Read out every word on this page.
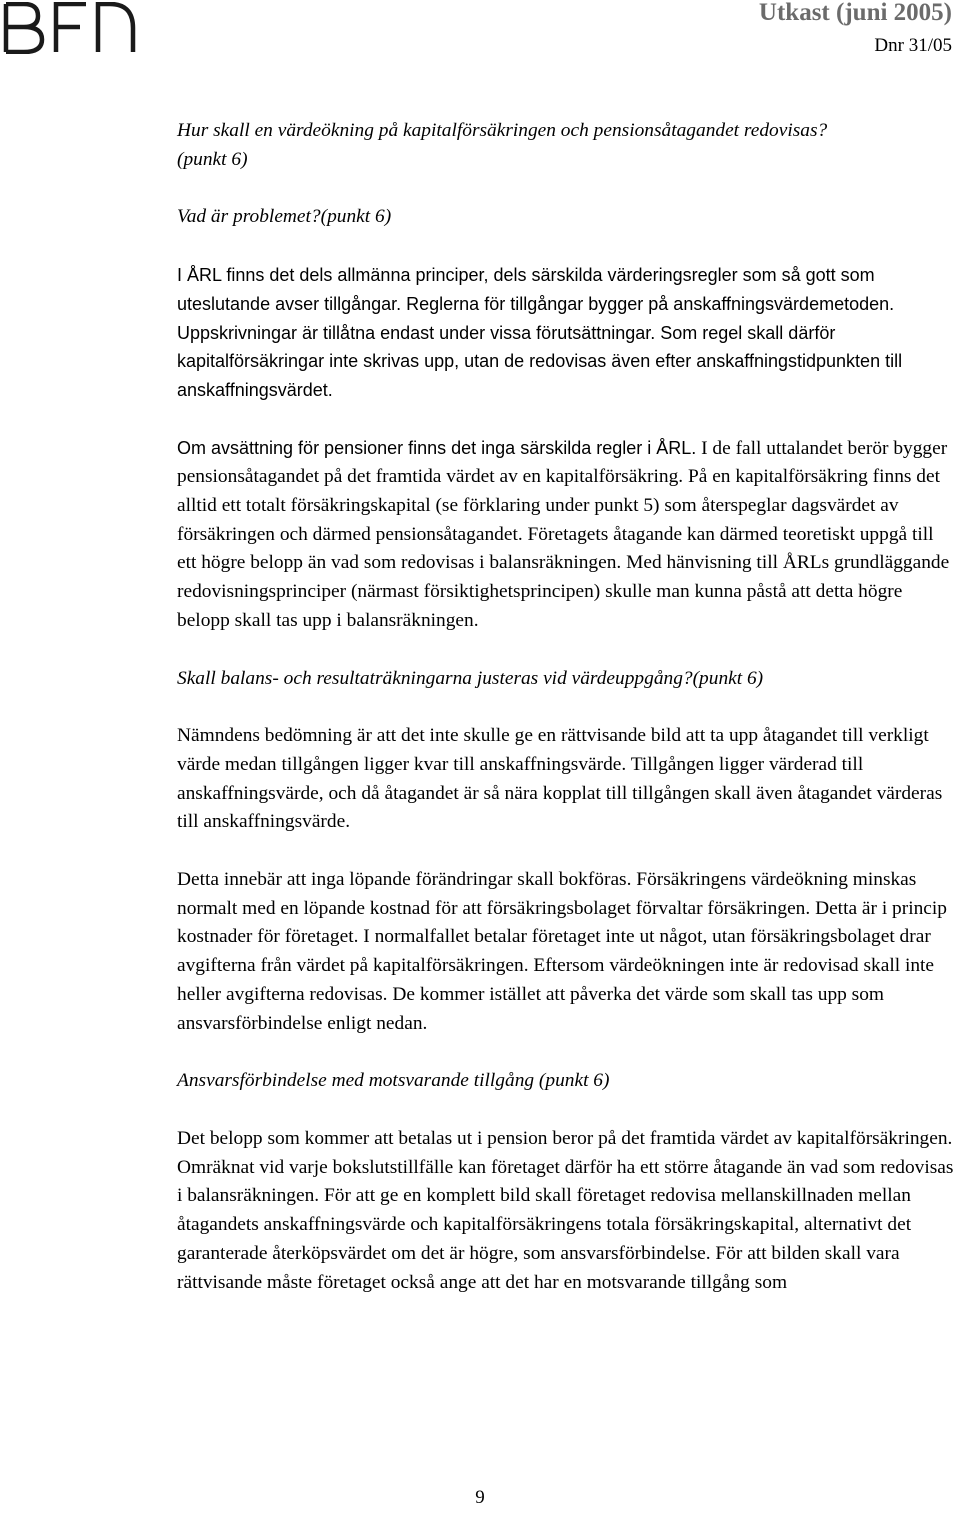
Utkast (juni 2005)
Dnr 31/05

Hur skall en värdeökning på kapitalförsäkringen och pensionsåtagandet redovisas?
(punkt 6)

Vad är problemet?(punkt 6)

I ÅRL finns det dels allmänna principer, dels särskilda värderingsregler som så gott som uteslutande avser tillgångar. Reglerna för tillgångar bygger på anskaffningsvärdemetoden. Uppskrivningar är tillåtna endast under vissa förutsättningar. Som regel skall därför kapitalförsäkringar inte skrivas upp, utan de redovisas även efter anskaffningstidpunkten till anskaffningsvärdet.

Om avsättning för pensioner finns det inga särskilda regler i ÅRL. I de fall uttalandet berör bygger pensionsåtagandet på det framtida värdet av en kapitalförsäkring. På en kapitalförsäkring finns det alltid ett totalt försäkringskapital (se förklaring under punkt 5) som återspeglar dagsvärdet av försäkringen och därmed pensionsåtagandet. Företagets åtagande kan därmed teoretiskt uppgå till ett högre belopp än vad som redovisas i balansräkningen. Med hänvisning till ÅRLs grundläggande redovisningsprinciper (närmast försiktighetsprincipen) skulle man kunna påstå att detta högre belopp skall tas upp i balansräkningen.

Skall balans- och resultaträkningarna justeras vid värdeuppgång?(punkt 6)

Nämndens bedömning är att det inte skulle ge en rättvisande bild att ta upp åtagandet till verkligt värde medan tillgången ligger kvar till anskaffningsvärde. Tillgången ligger värderad till anskaffningsvärde, och då åtagandet är så nära kopplat till tillgången skall även åtagandet värderas till anskaffningsvärde.

Detta innebär att inga löpande förändringar skall bokföras. Försäkringens värdeökning minskas normalt med en löpande kostnad för att försäkringsbolaget förvaltar försäkringen. Detta är i princip kostnader för företaget. I normalfallet betalar företaget inte ut något, utan försäkringsbolaget drar avgifterna från värdet på kapitalförsäkringen. Eftersom värdeökningen inte är redovisad skall inte heller avgifterna redovisas. De kommer istället att påverka det värde som skall tas upp som ansvarsförbindelse enligt nedan.

Ansvarsförbindelse med motsvarande tillgång (punkt 6)

Det belopp som kommer att betalas ut i pension beror på det framtida värdet av kapitalförsäkringen. Omräknat vid varje bokslutstillfälle kan företaget därför ha ett större åtagande än vad som redovisas i balansräkningen. För att ge en komplett bild skall företaget redovisa mellanskillnaden mellan åtagandets anskaffningsvärde och kapitalförsäkringens totala försäkringskapital, alternativt det garanterade återköpsvärdet om det är högre, som ansvarsförbindelse. För att bilden skall vara rättvisande måste företaget också ange att det har en motsvarande tillgång som

9
